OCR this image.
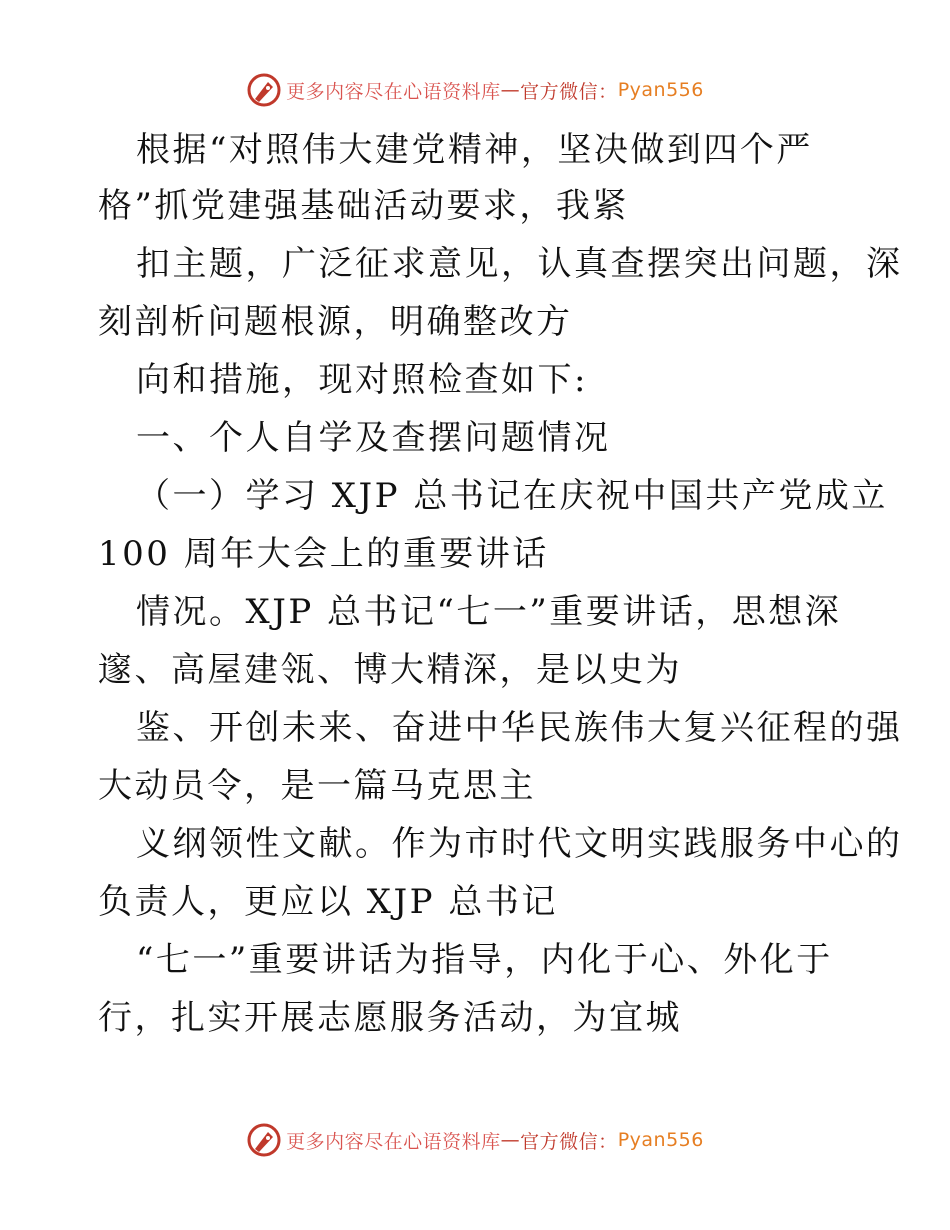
更多内容尽在心语资料库 — 官方微信： Pyan556
根据“对照伟大建党精神，坚决做到四个严
格”抓党建强基础活动要求，我紧
扣主题，广泛征求意见，认真查摆突出问题，深
刻剖析问题根源，明确整改方
向和措施，现对照检查如下:
一、个人自学及查摆问题情况
（一）学习 XJP 总书记在庆祝中国共产党成立
100 周年大会上的重要讲话
情况。XJP 总书记“七一”重要讲话，思想深
邃、高屋建瓴、博大精深，是以史为
鉴、开创未来、奋进中华民族伟大复兴征程的强
大动员令，是一篇马克思主
义纲领性文献。作为市时代文明实践服务中心的
负责人，更应以 XJP 总书记
“七一”重要讲话为指导，内化于心、外化于
行，扎实开展志愿服务活动，为宜城
更多内容尽在心语资料库 — 官方微信： Pyan556
